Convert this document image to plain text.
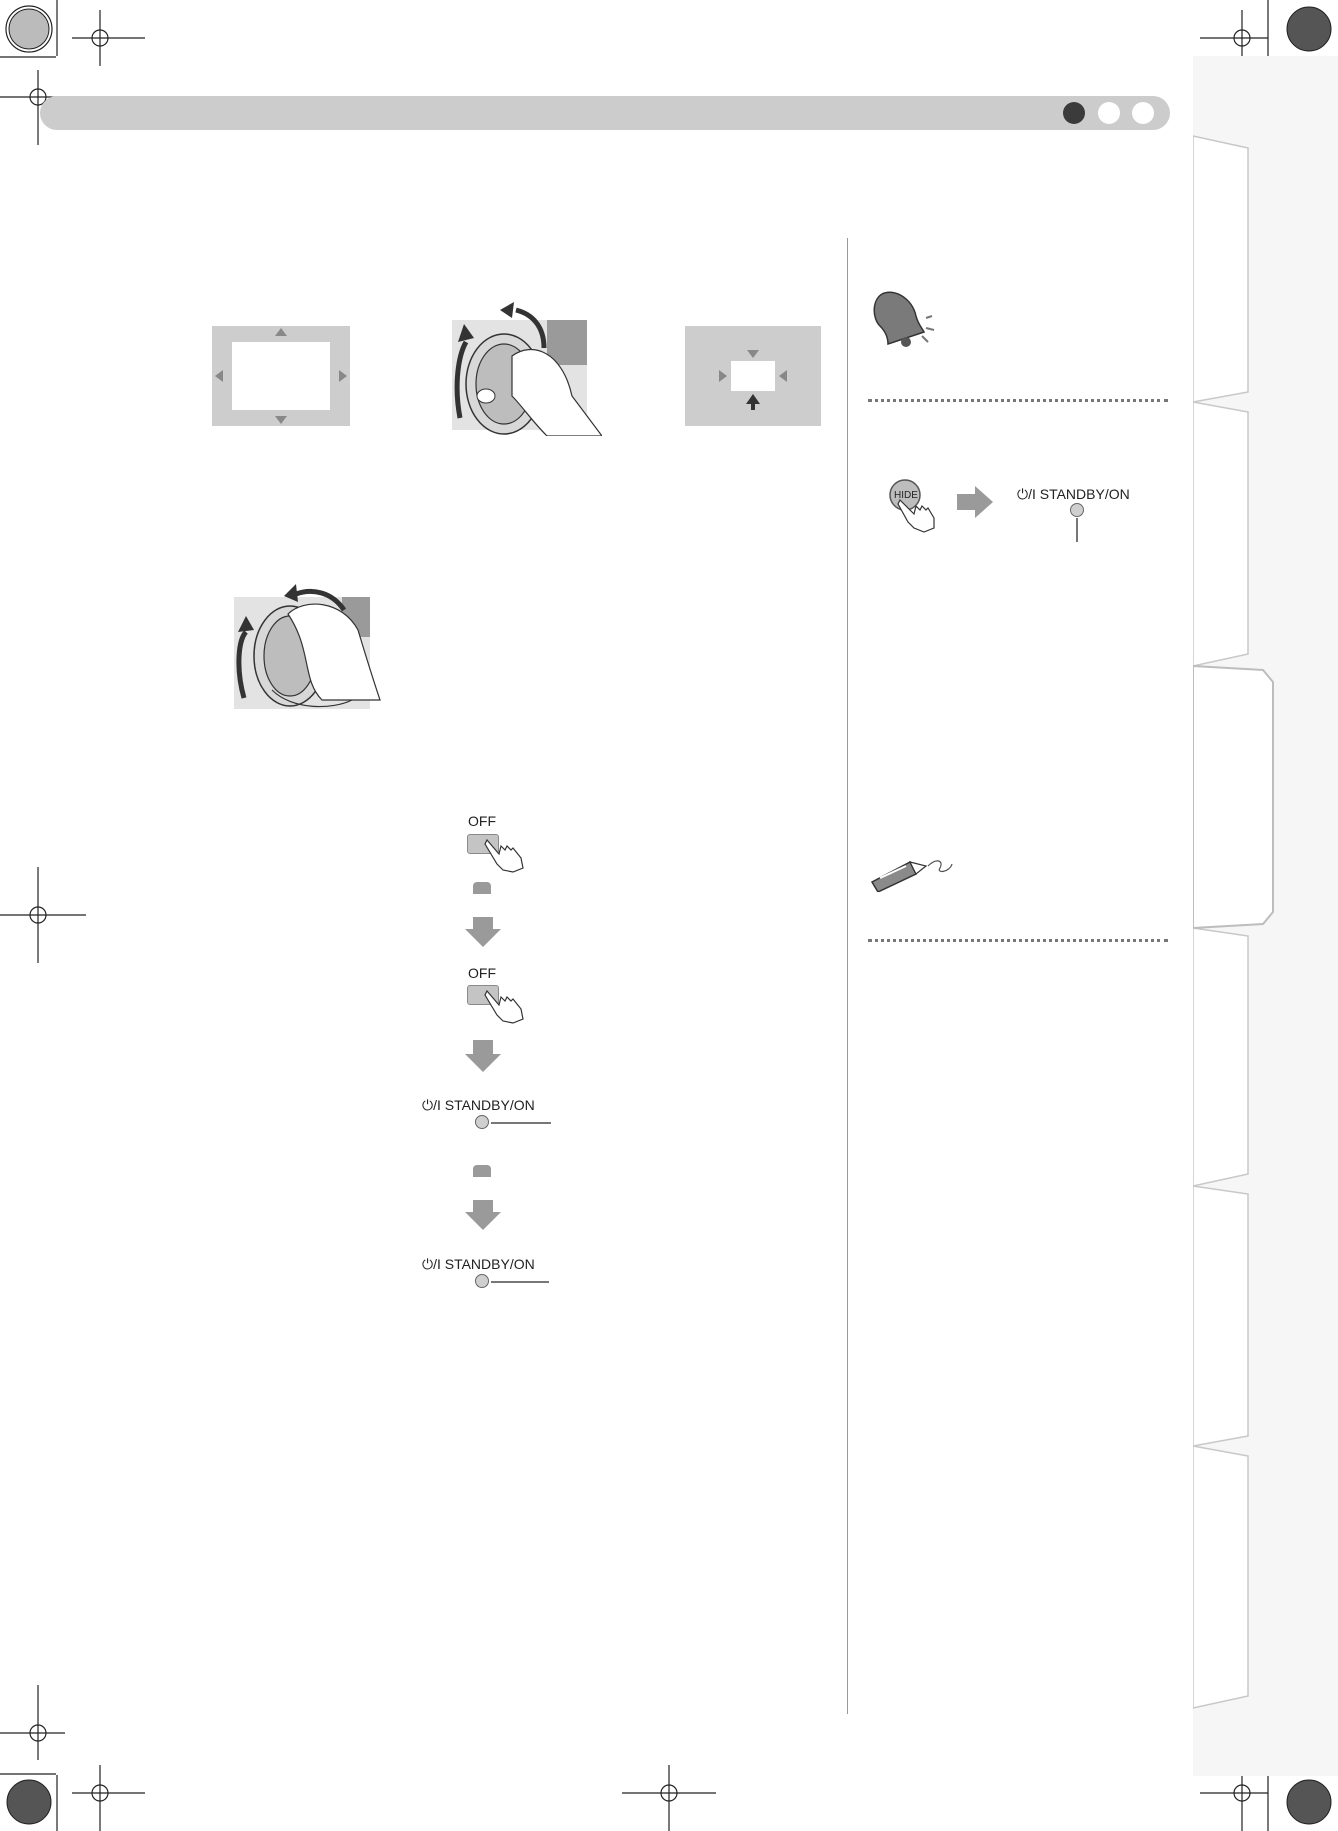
OFF
OFF
⏻/I STANDBY/ON
⏻/I STANDBY/ON
HIDE	⏻/I STANDBY/ON
